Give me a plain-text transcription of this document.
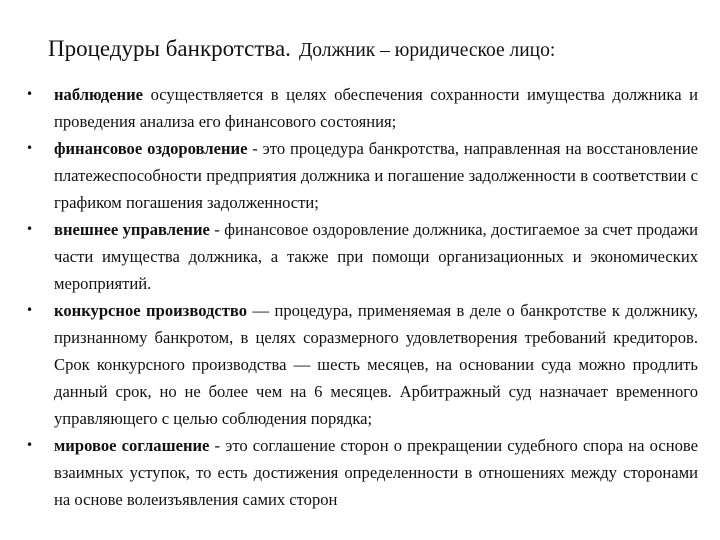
Процедуры банкротства. Должник – юридическое лицо:
•	наблюдение осуществляется в целях обеспечения сохранности имущества должника и проведения анализа его финансового состояния;
•	финансовое оздоровление - это процедура банкротства, направленная на восстановление платежеспособности предприятия должника и погашение задолженности в соответствии с графиком погашения задолженности;
•	внешнее управление - финансовое оздоровление должника, достигаемое за счет продажи части имущества должника, а также при помощи организационных и экономических мероприятий.
•	конкурсное производство — процедура, применяемая в деле о банкротстве к должнику, признанному банкротом, в целях соразмерного удовлетворения требований кредиторов. Срок конкурсного производства — шесть месяцев, на основании суда можно продлить данный срок, но не более чем на 6 месяцев. Арбитражный суд назначает временного управляющего с целью соблюдения порядка;
•	мировое соглашение - это соглашение сторон о прекращении судебного спора на основе взаимных уступок, то есть достижения определенности в отношениях между сторонами на основе волеизъявления самих сторон
